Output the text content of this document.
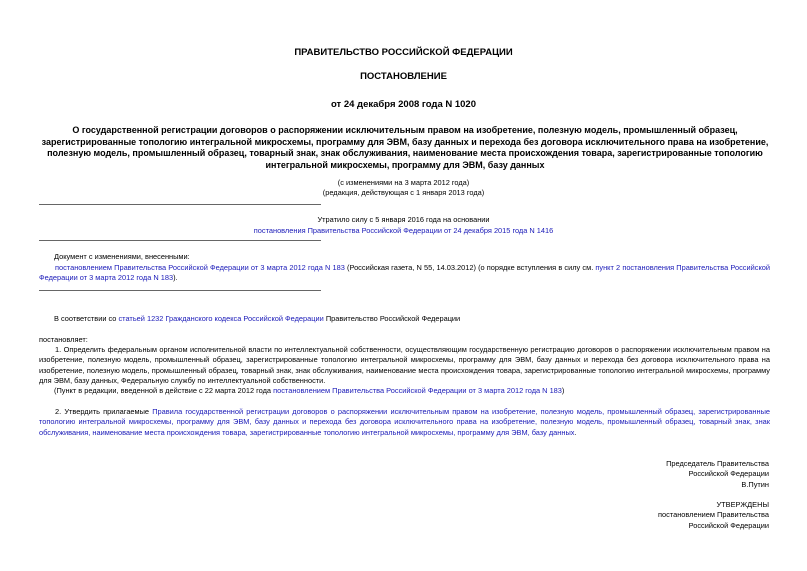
ПРАВИТЕЛЬСТВО РОССИЙСКОЙ ФЕДЕРАЦИИ
ПОСТАНОВЛЕНИЕ
от 24 декабря 2008 года N 1020
О государственной регистрации договоров о распоряжении исключительным правом на изобретение, полезную модель, промышленный образец, зарегистрированные топологию интегральной микросхемы, программу для ЭВМ, базу данных и перехода без договора исключительного права на изобретение, полезную модель, промышленный образец, товарный знак, знак обслуживания, наименование места происхождения товара, зарегистрированные топологию интегральной микросхемы, программу для ЭВМ, базу данных
(с изменениями на 3 марта 2012 года)
(редакция, действующая с 1 января 2013 года)
Утратило силу с 5 января 2016 года на основании
постановления Правительства Российской Федерации от 24 декабря 2015 года N 1416
Документ с изменениями, внесенными:
постановлением Правительства Российской Федерации от 3 марта 2012 года N 183 (Российская газета, N 55, 14.03.2012) (о порядке вступления в силу см. пункт 2 постановления Правительства Российской Федерации от 3 марта 2012 года N 183).
В соответствии со статьей 1232 Гражданского кодекса Российской Федерации Правительство Российской Федерации
постановляет:
1. Определить федеральным органом исполнительной власти по интеллектуальной собственности, осуществляющим государственную регистрацию договоров о распоряжении исключительным правом на изобретение, полезную модель, промышленный образец, зарегистрированные топологию интегральной микросхемы, программу для ЭВМ, базу данных и перехода без договора исключительного права на изобретение, полезную модель, промышленный образец, товарный знак, знак обслуживания, наименование места происхождения товара, зарегистрированные топологию интегральной микросхемы, программу для ЭВМ, базу данных, Федеральную службу по интеллектуальной собственности.
(Пункт в редакции, введенной в действие с 22 марта 2012 года постановлением Правительства Российской Федерации от 3 марта 2012 года N 183)
2. Утвердить прилагаемые Правила государственной регистрации договоров о распоряжении исключительным правом на изобретение, полезную модель, промышленный образец, зарегистрированные топологию интегральной микросхемы, программу для ЭВМ, базу данных и перехода без договора исключительного права на изобретение, полезную модель, промышленный образец, товарный знак, знак обслуживания, наименование места происхождения товара, зарегистрированные топологию интегральной микросхемы, программу для ЭВМ, базу данных.
Председатель Правительства
Российской Федерации
В.Путин
УТВЕРЖДЕНЫ
постановлением Правительства
Российской Федерации
